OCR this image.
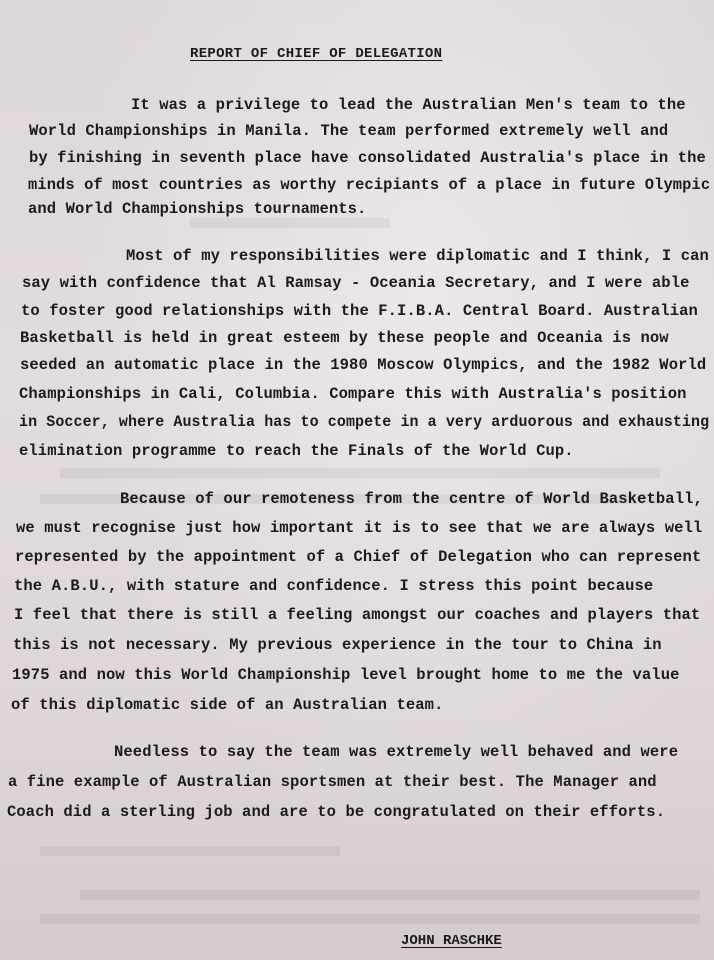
REPORT OF CHIEF OF DELEGATION
It was a privilege to lead the Australian Men's team to the
World Championships in Manila. The team performed extremely well and
by finishing in seventh place have consolidated Australia's place in the
minds of most countries as worthy recipiants of a place in future Olympic
and World Championships tournaments.
Most of my responsibilities were diplomatic and I think, I can
say with confidence that Al Ramsay - Oceania Secretary, and I were able
to foster good relationships with the F.I.B.A. Central Board. Australian
Basketball is held in great esteem by these people and Oceania is now
seeded an automatic place in the 1980 Moscow Olympics, and the 1982 World
Championships in Cali, Columbia. Compare this with Australia's position
in Soccer, where Australia has to compete in a very arduorous and exhausting
elimination programme to reach the Finals of the World Cup.
Because of our remoteness from the centre of World Basketball,
we must recognise just how important it is to see that we are always well
represented by the appointment of a Chief of Delegation who can represent
the A.B.U., with stature and confidence. I stress this point because
I feel that there is still a feeling amongst our coaches and players that
this is not necessary. My previous experience in the tour to China in
1975 and now this World Championship level brought home to me the value
of this diplomatic side of an Australian team.
Needless to say the team was extremely well behaved and were
a fine example of Australian sportsmen at their best. The Manager and
Coach did a sterling job and are to be congratulated on their efforts.
JOHN RASCHKE
